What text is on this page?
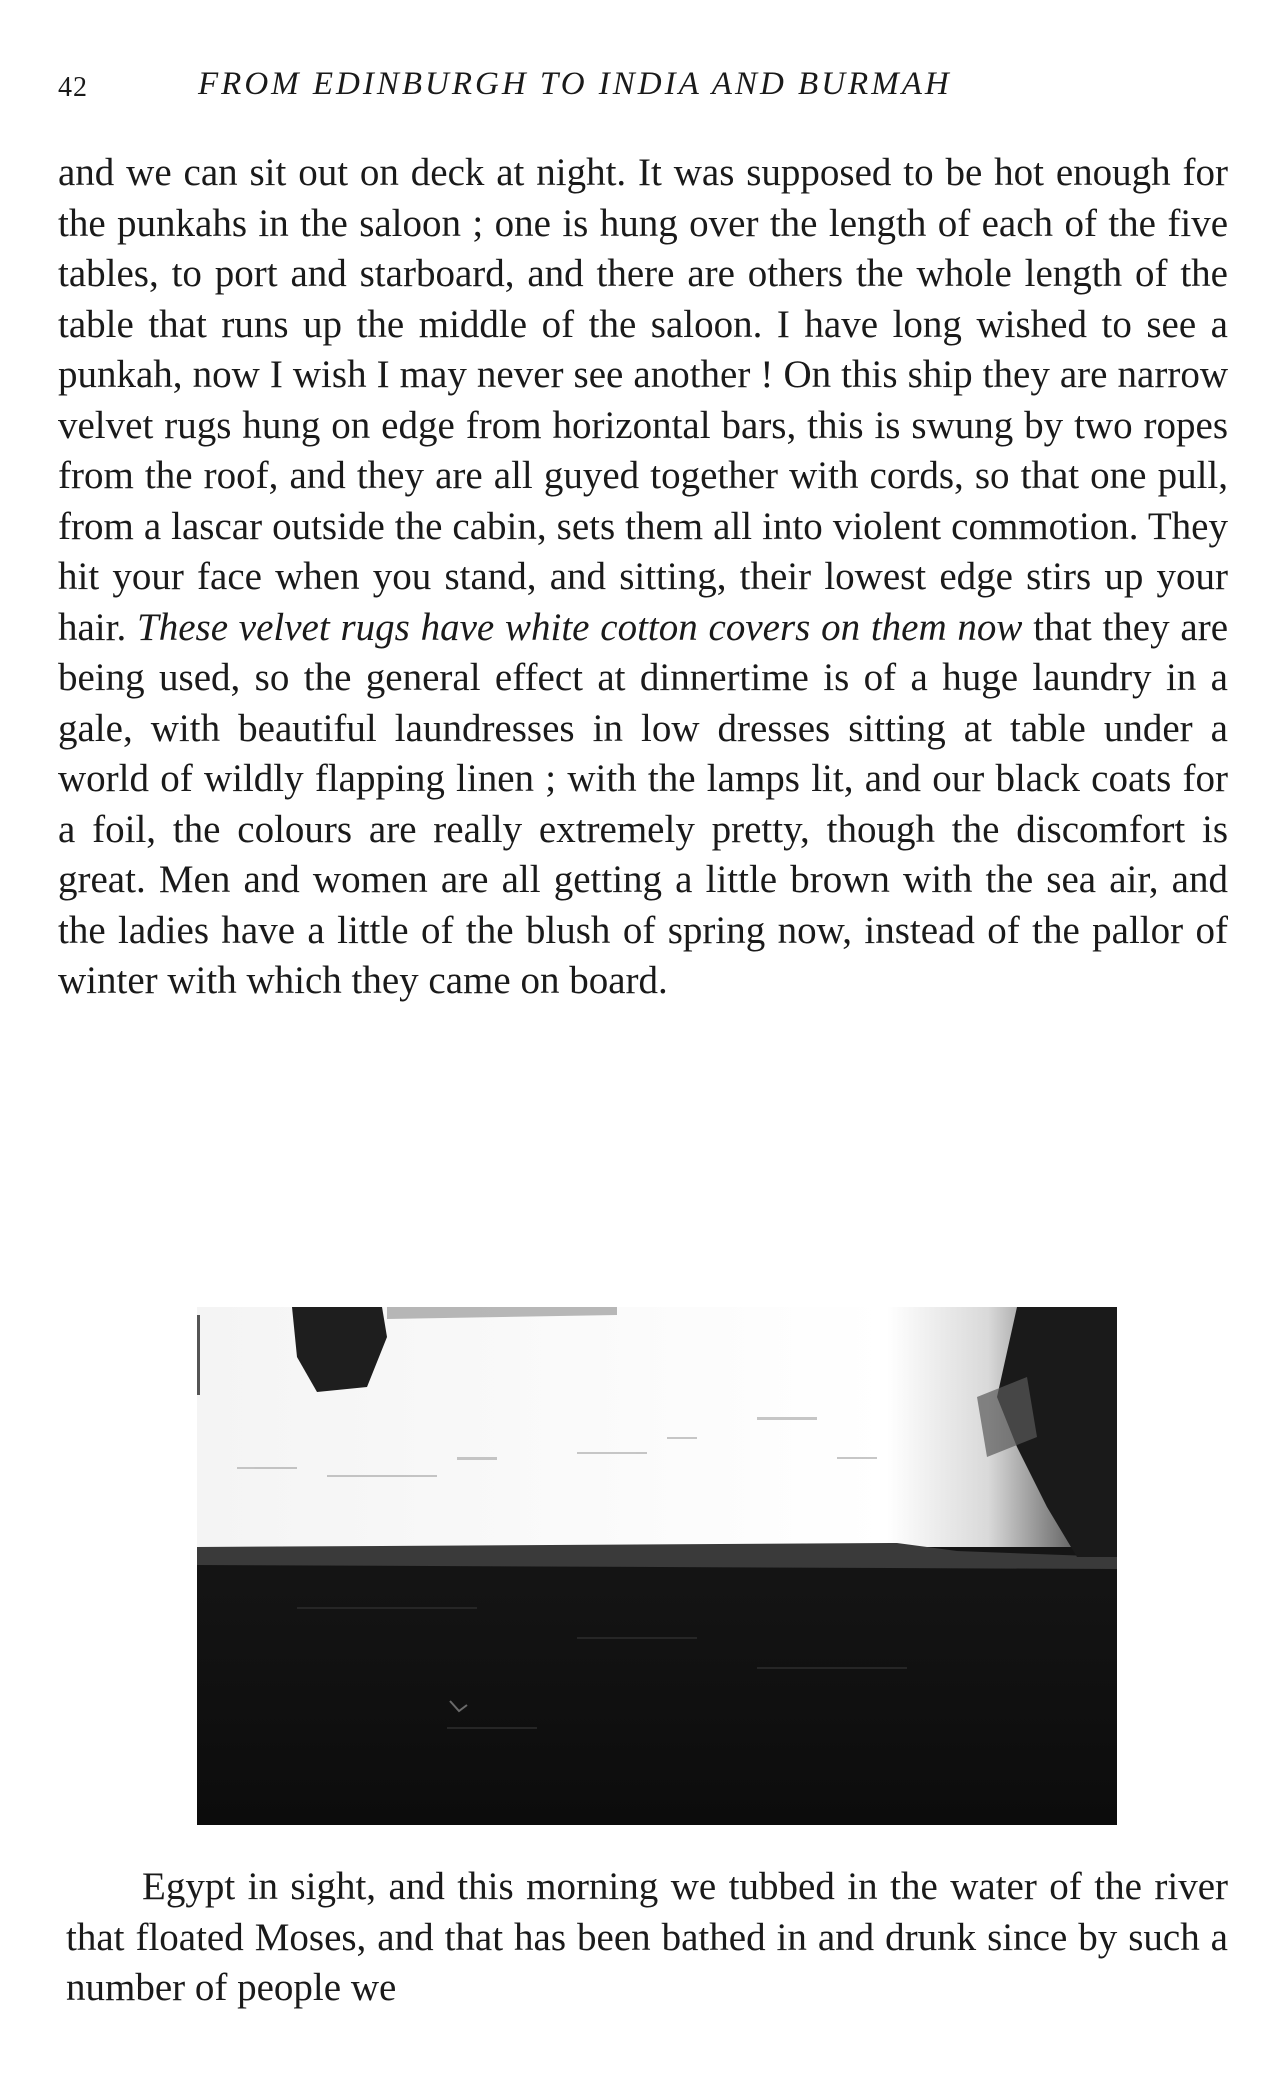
42	FROM EDINBURGH TO INDIA AND BURMAH

and we can sit out on deck at night. It was supposed to be hot enough for the punkahs in the saloon ; one is hung over the length of each of the five tables, to port and starboard, and there are others the whole length of the table that runs up the middle of the saloon. I have long wished to see a punkah, now I wish I may never see another ! On this ship they are narrow velvet rugs hung on edge from horizontal bars, this is swung by two ropes from the roof, and they are all guyed together with cords, so that one pull, from a lascar outside the cabin, sets them all into violent commotion. They hit your face when you stand, and sitting, their lowest edge stirs up your hair. These velvet rugs have white cotton covers on them now that they are being used, so the general effect at dinnertime is of a huge laundry in a gale, with beautiful laundresses in low dresses sitting at table under a world of wildly flapping linen ; with the lamps lit, and our black coats for a foil, the colours are really extremely pretty, though the discomfort is great. Men and women are all getting a little brown with the sea air, and the ladies have a little of the blush of spring now, instead of the pallor of winter with which they came on board.

Egypt in sight, and this morning we tubbed in the water of the river that floated Moses, and that has been bathed in and drunk since by such a number of people we
